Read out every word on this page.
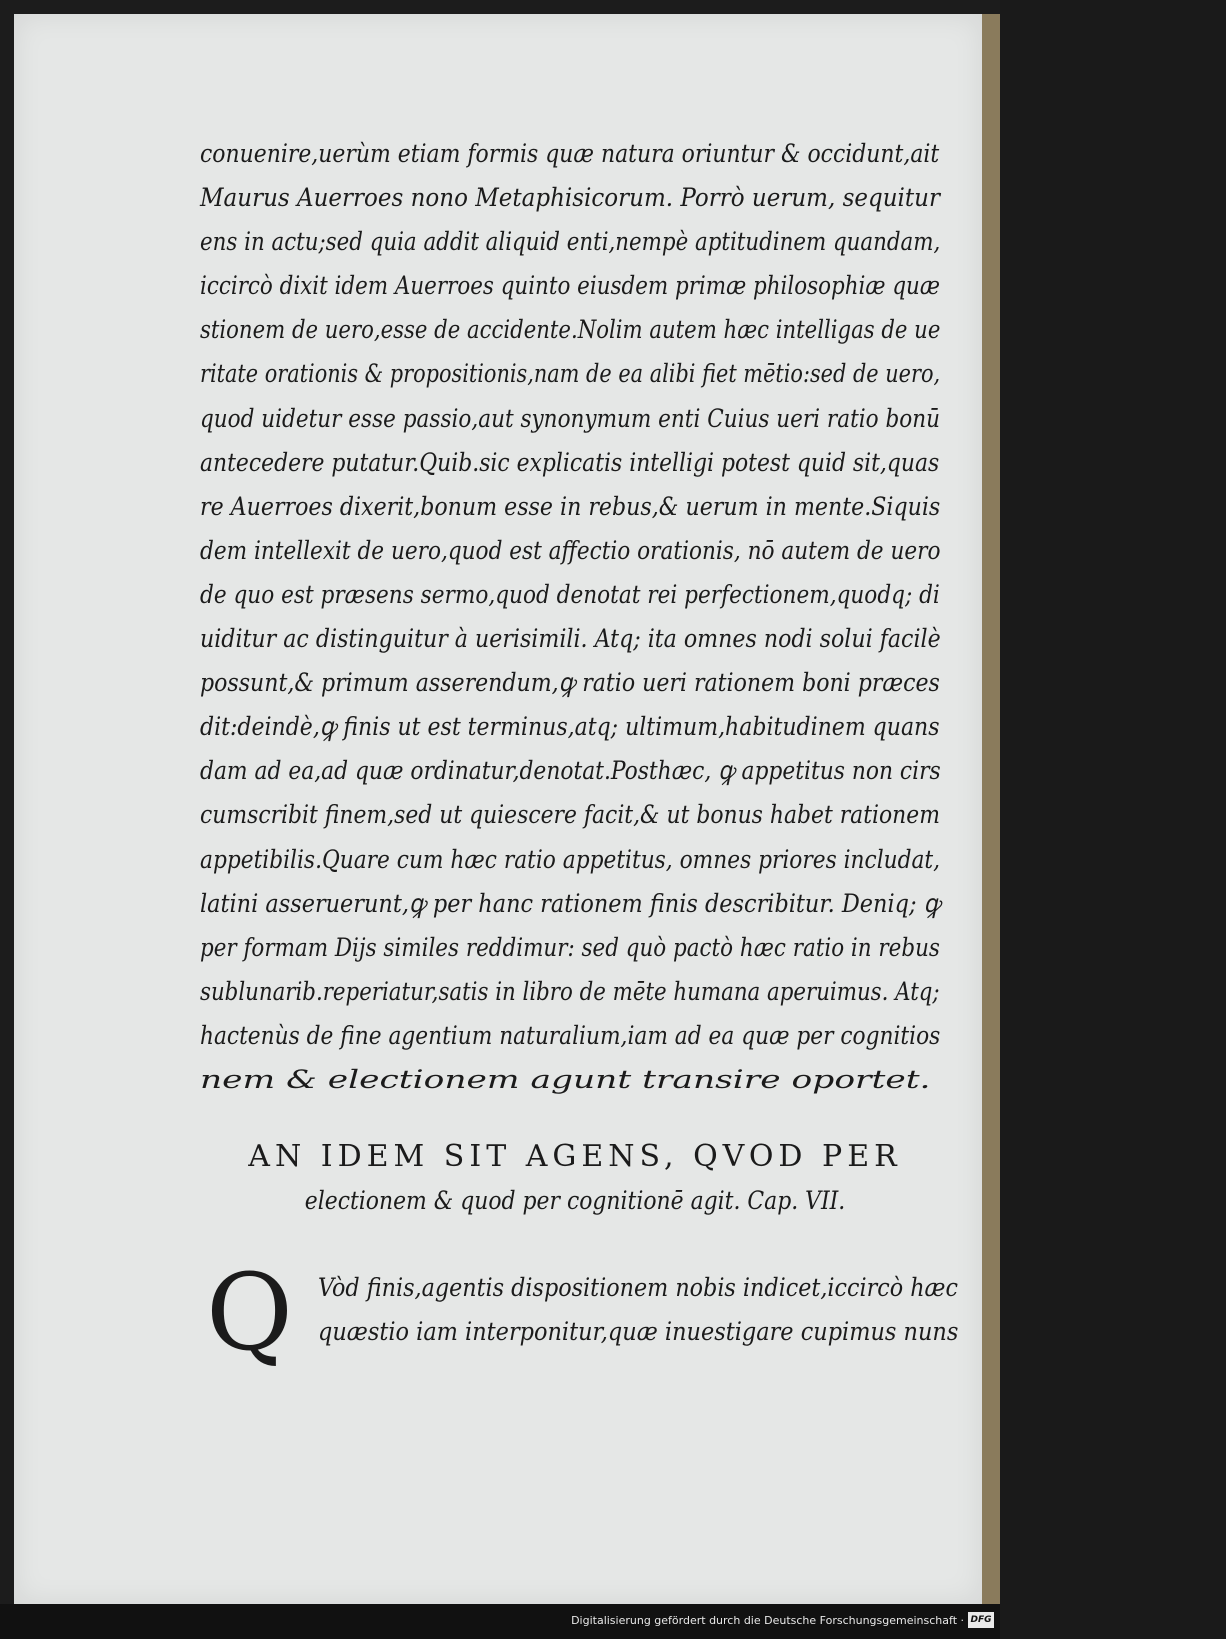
conuenire,uerùm etiam formis quæ natura oriuntur & occidunt,ait
Maurus Auerroes nono Metaphisicorum. Porrò uerum, sequitur
ens in actu;sed quia addit aliquid enti,nempè aptitudinem quandam,
iccircò dixit idem Auerroes quinto eiusdem primæ philosophiæ quæ
stionem de uero,esse de accidente.Nolim autem hæc intelligas de ue
ritate orationis & propositionis,nam de ea alibi fiet mētio:sed de uero,
quod uidetur esse passio,aut synonymum enti Cuius ueri ratio bonū
antecedere putatur.Quib.sic explicatis intelligi potest quid sit,quas
re Auerroes dixerit,bonum esse in rebus,& uerum in mente.Siquis
dem intellexit de uero,quod est affectio orationis, nō autem de uero
de quo est præsens sermo,quod denotat rei perfectionem,quodq; di
uiditur ac distinguitur à uerisimili. Atq; ita omnes nodi solui facilè
possunt,& primum asserendum,ꝙ ratio ueri rationem boni præces
dit:deindè,ꝙ finis ut est terminus,atq; ultimum,habitudinem quans
dam ad ea,ad quæ ordinatur,denotat.Posthæc, ꝙ appetitus non cirs
cumscribit finem,sed ut quiescere facit,& ut bonus habet rationem
appetibilis.Quare cum hæc ratio appetitus, omnes priores includat,
latini asseruerunt,ꝙ per hanc rationem finis describitur. Deniq; ꝙ
per formam Dijs similes reddimur: sed quò pactò hæc ratio in rebus
sublunarib.reperiatur,satis in libro de mēte humana aperuimus. Atq;
hactenùs de fine agentium naturalium,iam ad ea quæ per cognitios
nem & electionem agunt transire oportet.
AN IDEM SIT AGENS, QVOD PER
electionem & quod per cognitionē agit. Cap. VII.
Q Vòd finis,agentis dispositionem nobis indicet,iccircò hæc
quæstio iam interponitur,quæ inuestigare cupimus nuns
Digitalisierung gefördert durch die Deutsche Forschungsgemeinschaft · DFG
